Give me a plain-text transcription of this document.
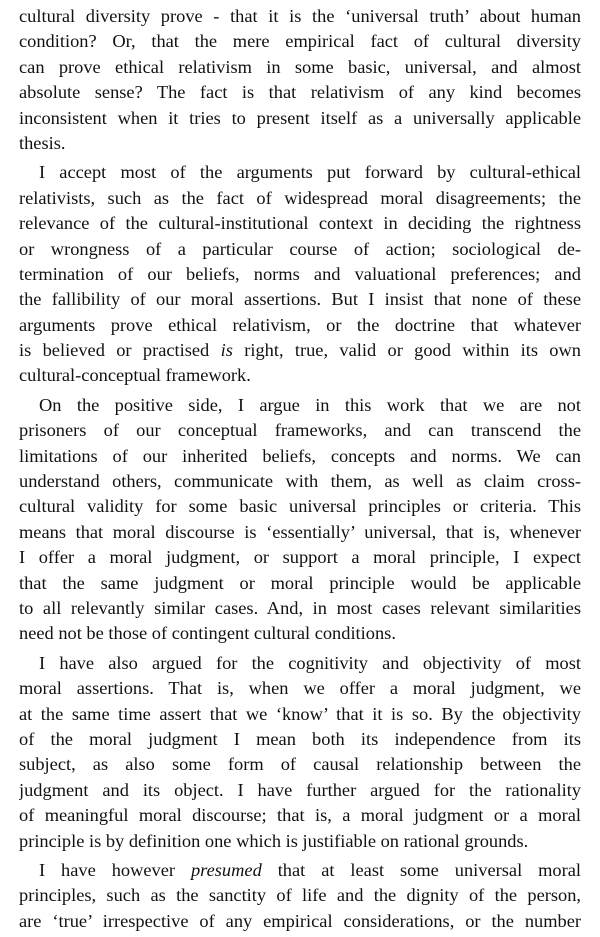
cultural diversity prove - that it is the ‘universal truth’ about human
condition? Or, that the mere empirical fact of cultural diversity
can prove ethical relativism in some basic, universal, and almost
absolute sense? The fact is that relativism of any kind becomes
inconsistent when it tries to present itself as a universally applicable
thesis.
I accept most of the arguments put forward by cultural-ethical
relativists, such as the fact of widespread moral disagreements; the
relevance of the cultural-institutional context in deciding the rightness
or wrongness of a particular course of action; sociological de-
termination of our beliefs, norms and valuational preferences; and
the fallibility of our moral assertions. But I insist that none of these
arguments prove ethical relativism, or the doctrine that whatever
is believed or practised is right, true, valid or good within its own
cultural-conceptual framework.
On the positive side, I argue in this work that we are not
prisoners of our conceptual frameworks, and can transcend the
limitations of our inherited beliefs, concepts and norms. We can
understand others, communicate with them, as well as claim cross-
cultural validity for some basic universal principles or criteria. This
means that moral discourse is ‘essentially’ universal, that is, whenever
I offer a moral judgment, or support a moral principle, I expect
that the same judgment or moral principle would be applicable
to all relevantly similar cases. And, in most cases relevant similarities
need not be those of contingent cultural conditions.
I have also argued for the cognitivity and objectivity of most
moral assertions. That is, when we offer a moral judgment, we
at the same time assert that we ‘know’ that it is so. By the objectivity
of the moral judgment I mean both its independence from its
subject, as also some form of causal relationship between the
judgment and its object. I have further argued for the rationality
of meaningful moral discourse; that is, a moral judgment or a moral
principle is by definition one which is justifiable on rational grounds.
I have however presumed that at least some universal moral
principles, such as the sanctity of life and the dignity of the person,
are ‘true’ irrespective of any empirical considerations, or the number
